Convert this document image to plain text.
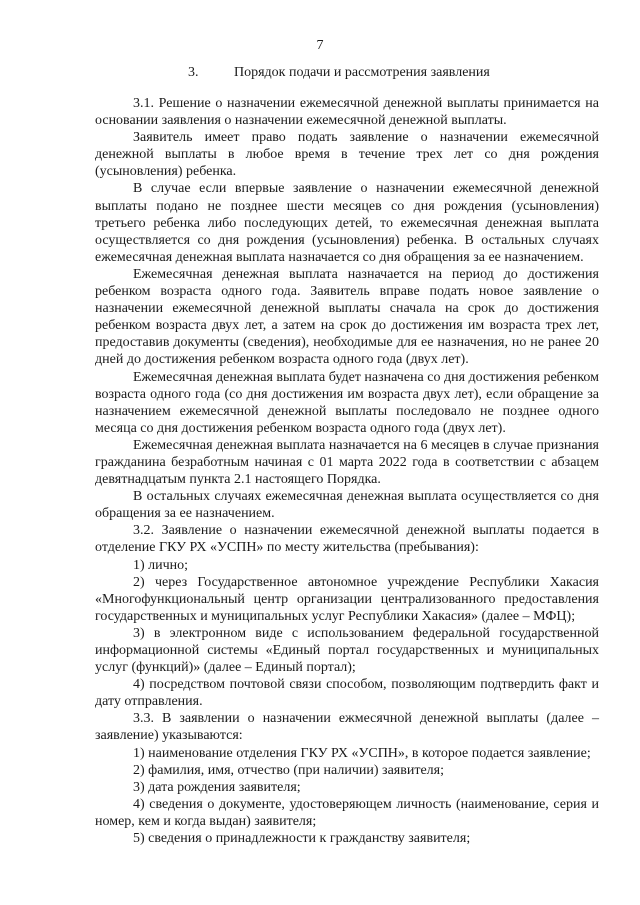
7
3.	Порядок подачи и рассмотрения заявления

3.1. Решение о назначении ежемесячной денежной выплаты принимается на основании заявления о назначении ежемесячной денежной выплаты.

Заявитель имеет право подать заявление о назначении ежемесячной денежной выплаты в любое время в течение трех лет со дня рождения (усыновления) ребенка.

В случае если впервые заявление о назначении ежемесячной денежной выплаты подано не позднее шести месяцев со дня рождения (усыновления) третьего ребенка либо последующих детей, то ежемесячная денежная выплата осуществляется со дня рождения (усыновления) ребенка. В остальных случаях ежемесячная денежная выплата назначается со дня обращения за ее назначением.

Ежемесячная денежная выплата назначается на период до достижения ребенком возраста одного года. Заявитель вправе подать новое заявление о назначении ежемесячной денежной выплаты сначала на срок до достижения ребенком возраста двух лет, а затем на срок до достижения им возраста трех лет, предоставив документы (сведения), необходимые для ее назначения, но не ранее 20 дней до достижения ребенком возраста одного года (двух лет).

Ежемесячная денежная выплата будет назначена со дня достижения ребенком возраста одного года (со дня достижения им возраста двух лет), если обращение за назначением ежемесячной денежной выплаты последовало не позднее одного месяца со дня достижения ребенком возраста одного года (двух лет).

Ежемесячная денежная выплата назначается на 6 месяцев в случае признания гражданина безработным начиная с 01 марта 2022 года в соответствии с абзацем девятнадцатым пункта 2.1 настоящего Порядка.

В остальных случаях ежемесячная денежная выплата осуществляется со дня обращения за ее назначением.

3.2. Заявление о назначении ежемесячной денежной выплаты подается в отделение ГКУ РХ «УСПН» по месту жительства (пребывания):

1) лично;

2) через Государственное автономное учреждение Республики Хакасия «Многофункциональный центр организации централизованного предоставления государственных и муниципальных услуг Республики Хакасия» (далее – МФЦ);

3) в электронном виде с использованием федеральной государственной информационной системы «Единый портал государственных и муниципальных услуг (функций)» (далее – Единый портал);

4) посредством почтовой связи способом, позволяющим подтвердить факт и дату отправления.

3.3. В заявлении о назначении ежмесячной денежной выплаты (далее – заявление) указываются:

1) наименование отделения ГКУ РХ «УСПН», в которое подается заявление;

2) фамилия, имя, отчество (при наличии) заявителя;

3) дата рождения заявителя;

4) сведения о документе, удостоверяющем личность (наименование, серия и номер, кем и когда выдан) заявителя;

5) сведения о принадлежности к гражданству заявителя;
